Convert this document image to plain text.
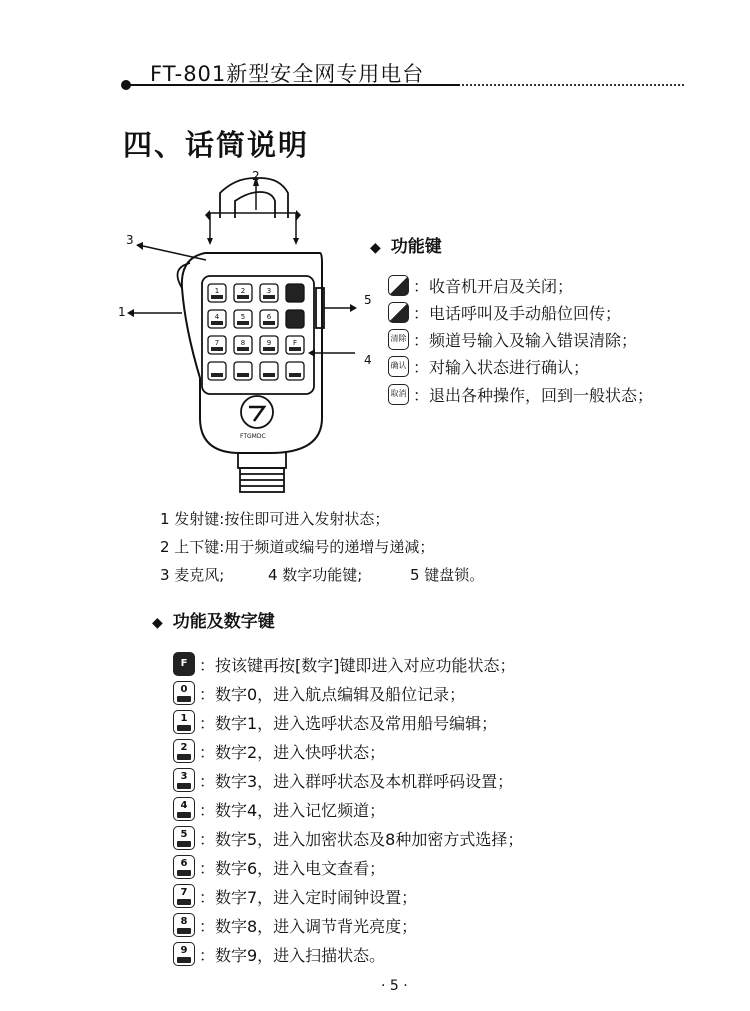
FT-801新型安全网专用电台
四、话筒说明
2
3
1
5
4
1	2	3
4	5	6
7	8	9	F
FTGMDC
◆ 功能键
：收音机开启及关闭；
：电话呼叫及手动船位回传；
清除 ：频道号输入及输入错误清除；
确认 ：对输入状态进行确认；
取消 ：退出各种操作，回到一般状态；
1 发射键:按住即可进入发射状态；
2 上下键:用于频道或编号的递增与递减；
3 麦克风;	4 数字功能键;	5 键盘锁。
◆ 功能及数字键
F ：按该键再按[数字]键即进入对应功能状态；
0 ：数字0，进入航点编辑及船位记录；
1 ：数字1，进入选呼状态及常用船号编辑；
2 ：数字2，进入快呼状态；
3 ：数字3，进入群呼状态及本机群呼码设置；
4 ：数字4，进入记忆频道；
5 ：数字5，进入加密状态及8种加密方式选择；
6 ：数字6，进入电文查看；
7 ：数字7，进入定时闹钟设置；
8 ：数字8，进入调节背光亮度；
9 ：数字9，进入扫描状态。
· 5 ·
